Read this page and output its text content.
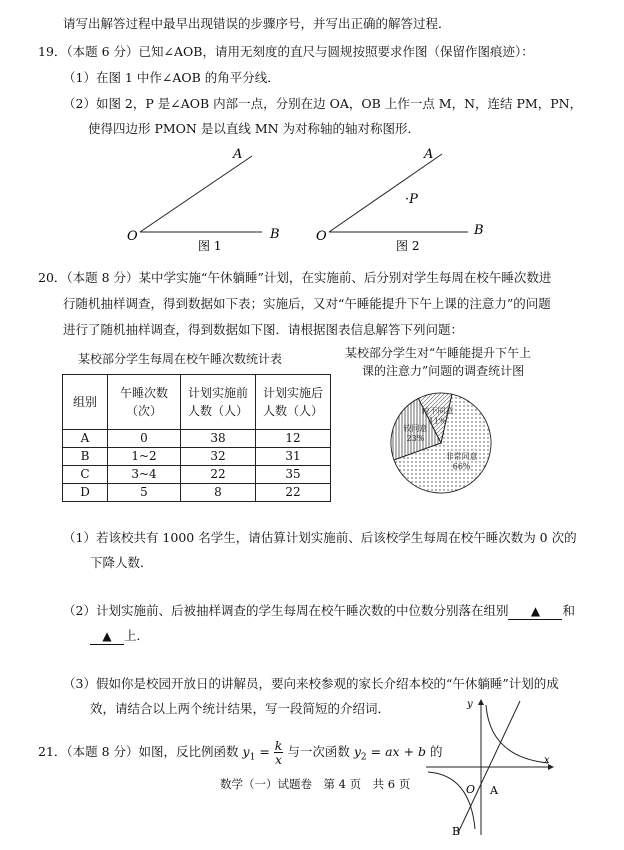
请写出解答过程中最早出现错误的步骤序号，并写出正确的解答过程．
19．（本题 6 分）已知∠AOB，请用无刻度的直尺与圆规按照要求作图（保留作图痕迹）：
（1）在图 1 中作∠AOB 的角平分线．
（2）如图 2，P 是∠AOB 内部一点，分别在边 OA，OB 上作一点 M，N，连结 PM，PN，
使得四边形 PMON 是以直线 MN 为对称轴的轴对称图形．
A
O	B
图 1
A
O	B
·P
图 2
20．（本题 8 分）某中学实施“午休躺睡”计划，在实施前、后分别对学生每周在校午睡次数进
行随机抽样调查，得到数据如下表；实施后，又对“午睡能提升下午上课的注意力”的问题
进行了随机抽样调查，得到数据如下图．请根据图表信息解答下列问题：
某校部分学生每周在校午睡次数统计表
组别	午睡次数（次）	计划实施前人数（人）	计划实施后人数（人）
A	0	38	12
B	1~2	32	31
C	3~4	22	35
D	5	8	22
某校部分学生对“午睡能提升下午上
课的注意力”问题的调查统计图
非常同意
66%
较同意
23%
较不同意
11%
（1）若该校共有 1000 名学生，请估算计划实施前、后该校学生每周在校午睡次数为 0 次的
下降人数．
（2）计划实施前、后被抽样调查的学生每周在校午睡次数的中位数分别落在组别 ▲ 和
▲ 上．
（3）假如你是校园开放日的讲解员，要向来校参观的家长介绍本校的“午休躺睡”计划的成
效，请结合以上两个统计结果，写一段简短的介绍词．
21．（本题 8 分）如图，反比例函数 $y_1 = \frac{k}{x}$ 与一次函数 $y_2$ = ax + b 的
y
x
O A
B
数学（一）试题卷　第 4 页　共 6 页
